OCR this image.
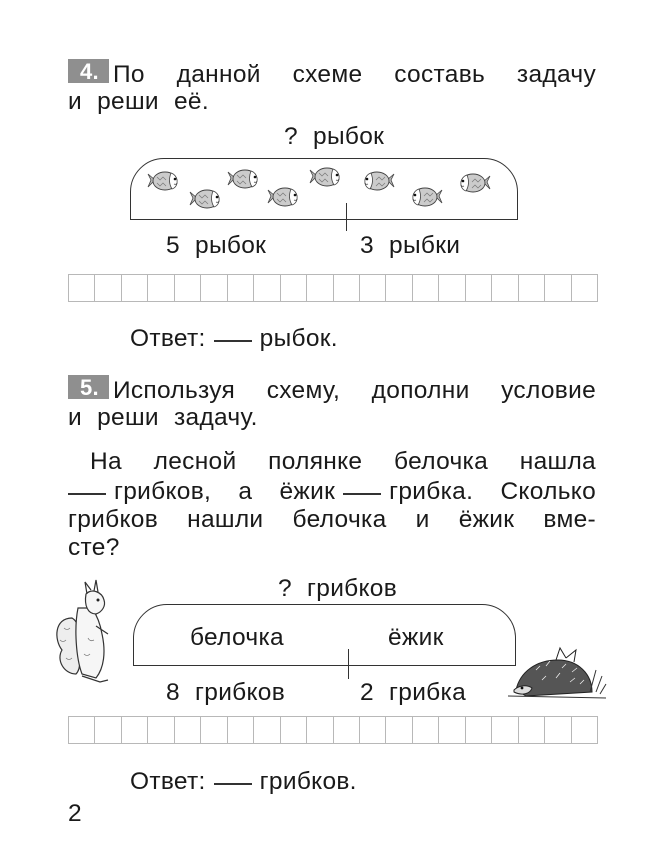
4. По данной схеме составь задачу
и реши её.
? рыбок
5 рыбок	3 рыбки
Ответ: рыбок.
5. Используя схему, дополни условие
и реши задачу.
На лесной полянке белочка нашла
грибков, а ёжик грибка. Сколько
грибков нашли белочка и ёжик вме-
сте?
? грибков
белочка	ёжик
8 грибков	2 грибка
Ответ: грибков.
2
